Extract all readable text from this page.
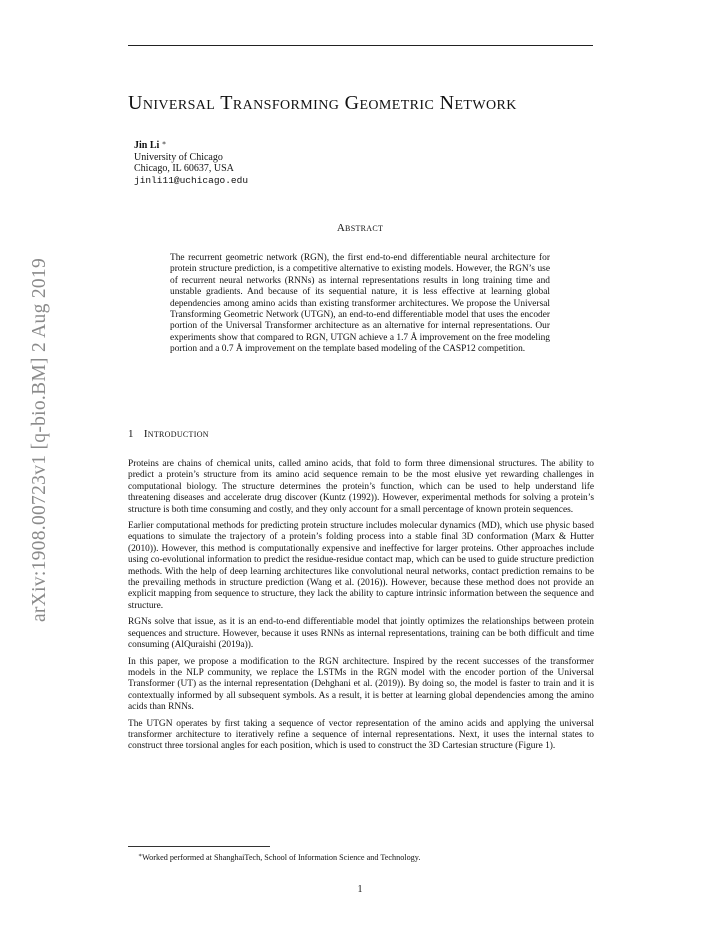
arXiv:1908.00723v1 [q-bio.BM] 2 Aug 2019
Universal Transforming Geometric Network
Jin Li ∗
University of Chicago
Chicago, IL 60637, USA
jinli11@uchicago.edu
Abstract
The recurrent geometric network (RGN), the first end-to-end differentiable neural architecture for protein structure prediction, is a competitive alternative to existing models. However, the RGN’s use of recurrent neural networks (RNNs) as internal representations results in long training time and unstable gradients. And because of its sequential nature, it is less effective at learning global dependencies among amino acids than existing transformer architectures. We propose the Universal Transforming Geometric Network (UTGN), an end-to-end differentiable model that uses the encoder portion of the Universal Transformer architecture as an alternative for internal representations. Our experiments show that compared to RGN, UTGN achieve a 1.7 Å improvement on the free modeling portion and a 0.7 Å improvement on the template based modeling of the CASP12 competition.
1 Introduction

Proteins are chains of chemical units, called amino acids, that fold to form three dimensional structures. The ability to predict a protein’s structure from its amino acid sequence remain to be the most elusive yet rewarding challenges in computational biology. The structure determines the protein’s function, which can be used to help understand life threatening diseases and accelerate drug discover (Kuntz (1992)). However, experimental methods for solving a protein’s structure is both time consuming and costly, and they only account for a small percentage of known protein sequences.

Earlier computational methods for predicting protein structure includes molecular dynamics (MD), which use physic based equations to simulate the trajectory of a protein’s folding process into a stable final 3D conformation (Marx & Hutter (2010)). However, this method is computationally expensive and ineffective for larger proteins. Other approaches include using co-evolutional information to predict the residue-residue contact map, which can be used to guide structure prediction methods. With the help of deep learning architectures like convolutional neural networks, contact prediction remains to be the prevailing methods in structure prediction (Wang et al. (2016)). However, because these method does not provide an explicit mapping from sequence to structure, they lack the ability to capture intrinsic information between the sequence and structure.

RGNs solve that issue, as it is an end-to-end differentiable model that jointly optimizes the relationships between protein sequences and structure. However, because it uses RNNs as internal representations, training can be both difficult and time consuming (AlQuraishi (2019a)).

In this paper, we propose a modification to the RGN architecture. Inspired by the recent successes of the transformer models in the NLP community, we replace the LSTMs in the RGN model with the encoder portion of the Universal Transformer (UT) as the internal representation (Dehghani et al. (2019)). By doing so, the model is faster to train and it is contextually informed by all subsequent symbols. As a result, it is better at learning global dependencies among the amino acids than RNNs.

The UTGN operates by first taking a sequence of vector representation of the amino acids and applying the universal transformer architecture to iteratively refine a sequence of internal representations. Next, it uses the internal states to construct three torsional angles for each position, which is used to construct the 3D Cartesian structure (Figure 1).

∗Worked performed at ShanghaiTech, School of Information Science and Technology.
1
